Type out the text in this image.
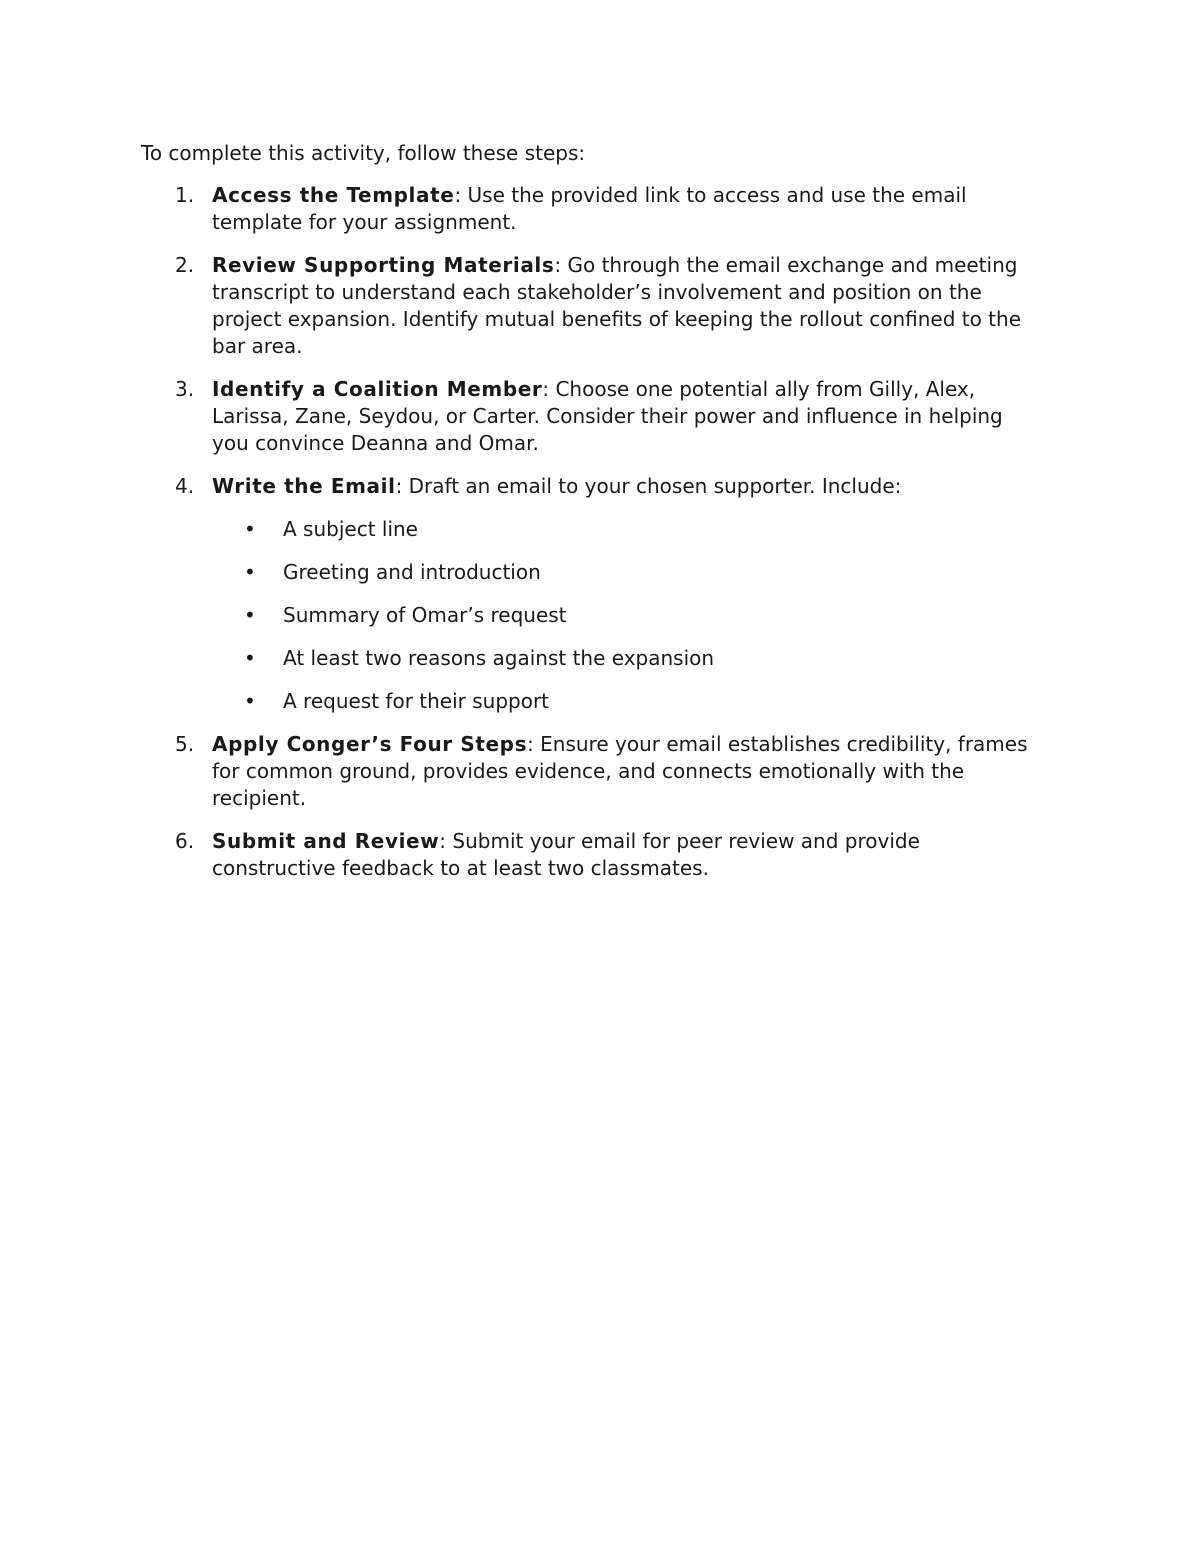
To complete this activity, follow these steps:

1. Access the Template: Use the provided link to access and use the email template for your assignment.
2. Review Supporting Materials: Go through the email exchange and meeting transcript to understand each stakeholder’s involvement and position on the project expansion. Identify mutual benefits of keeping the rollout confined to the bar area.
3. Identify a Coalition Member: Choose one potential ally from Gilly, Alex, Larissa, Zane, Seydou, or Carter. Consider their power and influence in helping you convince Deanna and Omar.
4. Write the Email: Draft an email to your chosen supporter. Include:
• A subject line
• Greeting and introduction
• Summary of Omar’s request
• At least two reasons against the expansion
• A request for their support
5. Apply Conger’s Four Steps: Ensure your email establishes credibility, frames for common ground, provides evidence, and connects emotionally with the recipient.
6. Submit and Review: Submit your email for peer review and provide constructive feedback to at least two classmates.
